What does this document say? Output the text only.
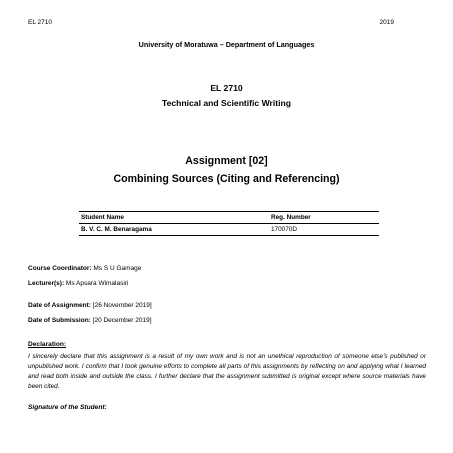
EL 2710	2019
University of Moratuwa – Department of Languages
EL 2710
Technical and Scientific Writing
Assignment [02]
Combining Sources (Citing and Referencing)
Student Name	Reg. Number
B. V. C. M. Benaragama	170070D
Course Coordinator: Ms S U Gamage
Lecturer(s): Ms Apsara Wimalasiri
Date of Assignment: [26 November 2019]
Date of Submission: [20 December 2019]
Declaration:
I sincerely declare that this assignment is a result of my own work and is not an unethical reproduction of someone else’s published or unpublished work. I confirm that I took genuine efforts to complete all parts of this assignments by reflecting on and applying what I learned and read both inside and outside the class. I further declare that the assignment submitted is original except where source materials have been cited.
Signature of the Student:
